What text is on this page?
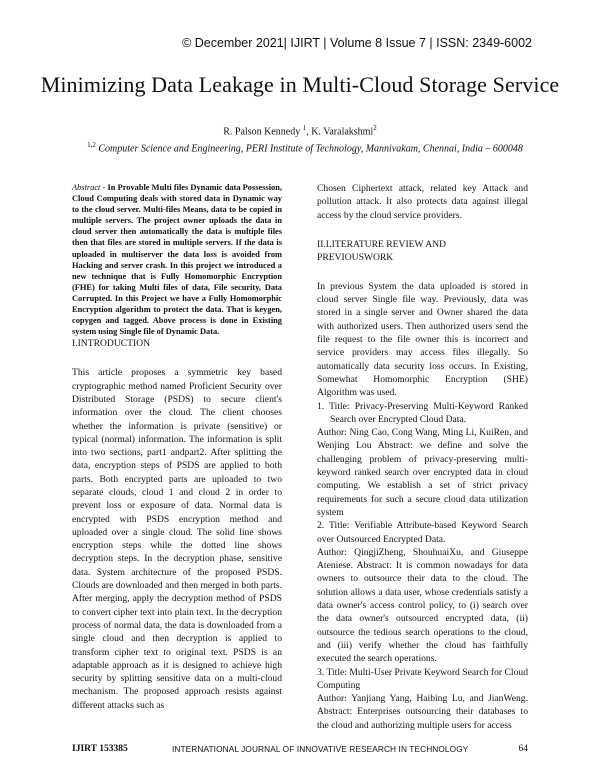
© December 2021| IJIRT | Volume 8 Issue 7 | ISSN: 2349-6002
Minimizing Data Leakage in Multi-Cloud Storage Service
R. Palson Kennedy $^1$, K. Varalakshmi$^2$
$^{1,2}$ Computer Science and Engineering, PERI Institute of Technology, Mannivakam, Chennai, India – 600048

Abstract - In Provable Multi files Dynamic data Possession, Cloud Computing deals with stored data in Dynamic way to the cloud server. Multi-files Means, data to be copied in multiple servers. The project owner uploads the data in cloud server then automatically the data is multiple files then that files are stored in multiple servers. If the data is uploaded in multiserver the data loss is avoided from Hacking and server crash. In this project we introduced a new technique that is Fully Homomorphic Encryption (FHE) for taking Multi files of data, File security, Data Corrupted. In this Project we have a Fully Homomorphic Encryption algorithm to protect the data. That is keygen, copygen and tagged. Above process is done in Existing system using Single file of Dynamic Data.

I.INTRODUCTION

This article proposes a symmetric key based cryptographic method named Proficient Security over Distributed Storage (PSDS) to secure client's information over the cloud. The client chooses whether the information is private (sensitive) or typical (normal) information. The information is split into two sections, part1 andpart2. After splitting the data, encryption steps of PSDS are applied to both parts. Both encrypted parts are uploaded to two separate clouds, cloud 1 and cloud 2 in order to prevent loss or exposure of data. Normal data is encrypted with PSDS encryption method and uploaded over a single cloud. The solid line shows encryption steps while the dotted line shows decryption steps. In the decryption phase, sensitive data. System architecture of the proposed PSDS. Clouds are downloaded and then merged in both parts. After merging, apply the decryption method of PSDS to convert cipher text into plain text. In the decryption process of normal data, the data is downloaded from a single cloud and then decryption is applied to transform cipher text to original text. PSDS is an adaptable approach as it is designed to achieve high security by splitting sensitive data on a multi-cloud mechanism. The proposed approach resists against different attacks such as

Chosen Ciphertext attack, related key Attack and pollution attack. It also protects data against illegal access by the cloud service providers.

II.LITERATURE REVIEW AND

PREVIOUSWORK

In previous System the data uploaded is stored in cloud server Single file way. Previously, data was stored in a single server and Owner shared the data with authorized users. Then authorized users send the file request to the file owner this is incorrect and service providers may access files illegally. So automatically data security loss occurs. In Existing, Somewhat Homomorphic Encryption (SHE) Algorithm was used.

1. Title: Privacy-Preserving Multi-Keyword Ranked Search over Encrypted Cloud Data.

Author: Ning Cao, Cong Wang, Ming Li, KuiRen, and Wenjing Lou Abstract: we define and solve the challenging problem of privacy-preserving multi-keyword ranked search over encrypted data in cloud computing. We establish a set of strict privacy requirements for such a secure cloud data utilization system

2. Title: Verifiable Attribute-based Keyword Search over Outsourced Encrypted Data.

Author: QingjiZheng, ShouhuaiXu, and Giuseppe Ateniese. Abstract: It is common nowadays for data owners to outsource their data to the cloud. The solution allows a data user, whose credentials satisfy a data owner's access control policy, to (i) search over the data owner's outsourced encrypted data, (ii) outsource the tedious search operations to the cloud, and (iii) verify whether the cloud has faithfully executed the search operations.

3. Title: Multi-User Private Keyword Search for Cloud Computing

Author: Yanjiang Yang, Haibing Lu, and JianWeng. Abstract: Enterprises outsourcing their databases to the cloud and authorizing multiple users for access

IJIRT 153385	INTERNATIONAL JOURNAL OF INNOVATIVE RESEARCH IN TECHNOLOGY	64
